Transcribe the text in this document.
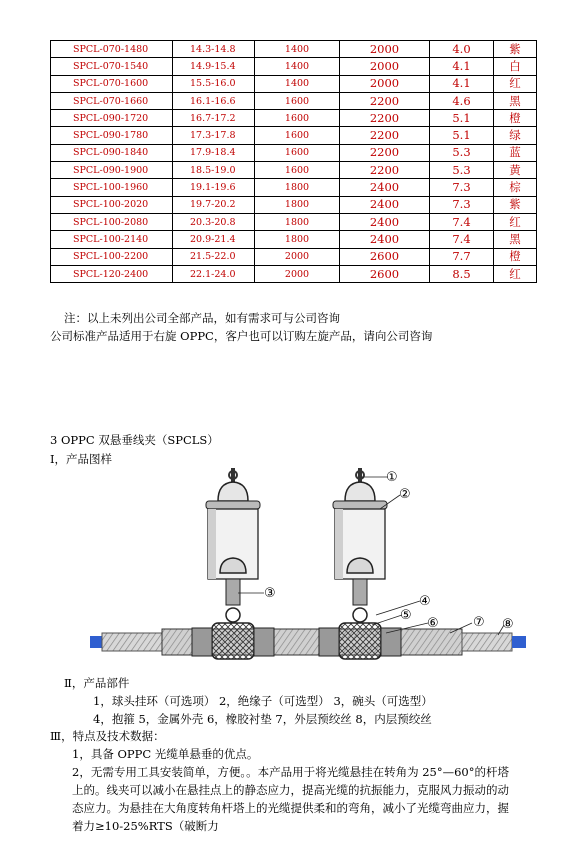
SPCL-070-1480	14.3-14.8	1400	2000	4.0	紫
SPCL-070-1540	14.9-15.4	1400	2000	4.1	白
SPCL-070-1600	15.5-16.0	1400	2000	4.1	红
SPCL-070-1660	16.1-16.6	1600	2200	4.6	黑
SPCL-090-1720	16.7-17.2	1600	2200	5.1	橙
SPCL-090-1780	17.3-17.8	1600	2200	5.1	绿
SPCL-090-1840	17.9-18.4	1600	2200	5.3	蓝
SPCL-090-1900	18.5-19.0	1600	2200	5.3	黄
SPCL-100-1960	19.1-19.6	1800	2400	7.3	棕
SPCL-100-2020	19.7-20.2	1800	2400	7.3	紫
SPCL-100-2080	20.3-20.8	1800	2400	7.4	红
SPCL-100-2140	20.9-21.4	1800	2400	7.4	黑
SPCL-100-2200	21.5-22.0	2000	2600	7.7	橙
SPCL-120-2400	22.1-24.0	2000	2600	8.5	红
注：以上未列出公司全部产品，如有需求可与公司咨询
公司标准产品适用于右旋 OPPC，客户也可以订购左旋产品，请向公司咨询
3 OPPC 双悬垂线夹（SPCLS）
Ⅰ，产品图样
①
②
③
④
⑤
⑥	⑦ ⑧
Ⅱ，产品部件
1，球头挂环（可选项） 2，绝缘子（可选型） 3，碗头（可选型）
4，抱箍 5，金属外壳 6，橡胶衬垫 7，外层预绞丝 8，内层预绞丝
Ⅲ，特点及技术数据：
1，具备 OPPC 光缆单悬垂的优点。
2，无需专用工具安装简单，方便。。本产品用于将光缆悬挂在转角为 25°—60°的杆塔
上的。线夹可以减小在悬挂点上的静态应力，提高光缆的抗振能力，克服风力振动的动
态应力。为悬挂在大角度转角杆塔上的光缆提供柔和的弯角，减小了光缆弯曲应力，握
着力≥10-25%RTS（破断力
